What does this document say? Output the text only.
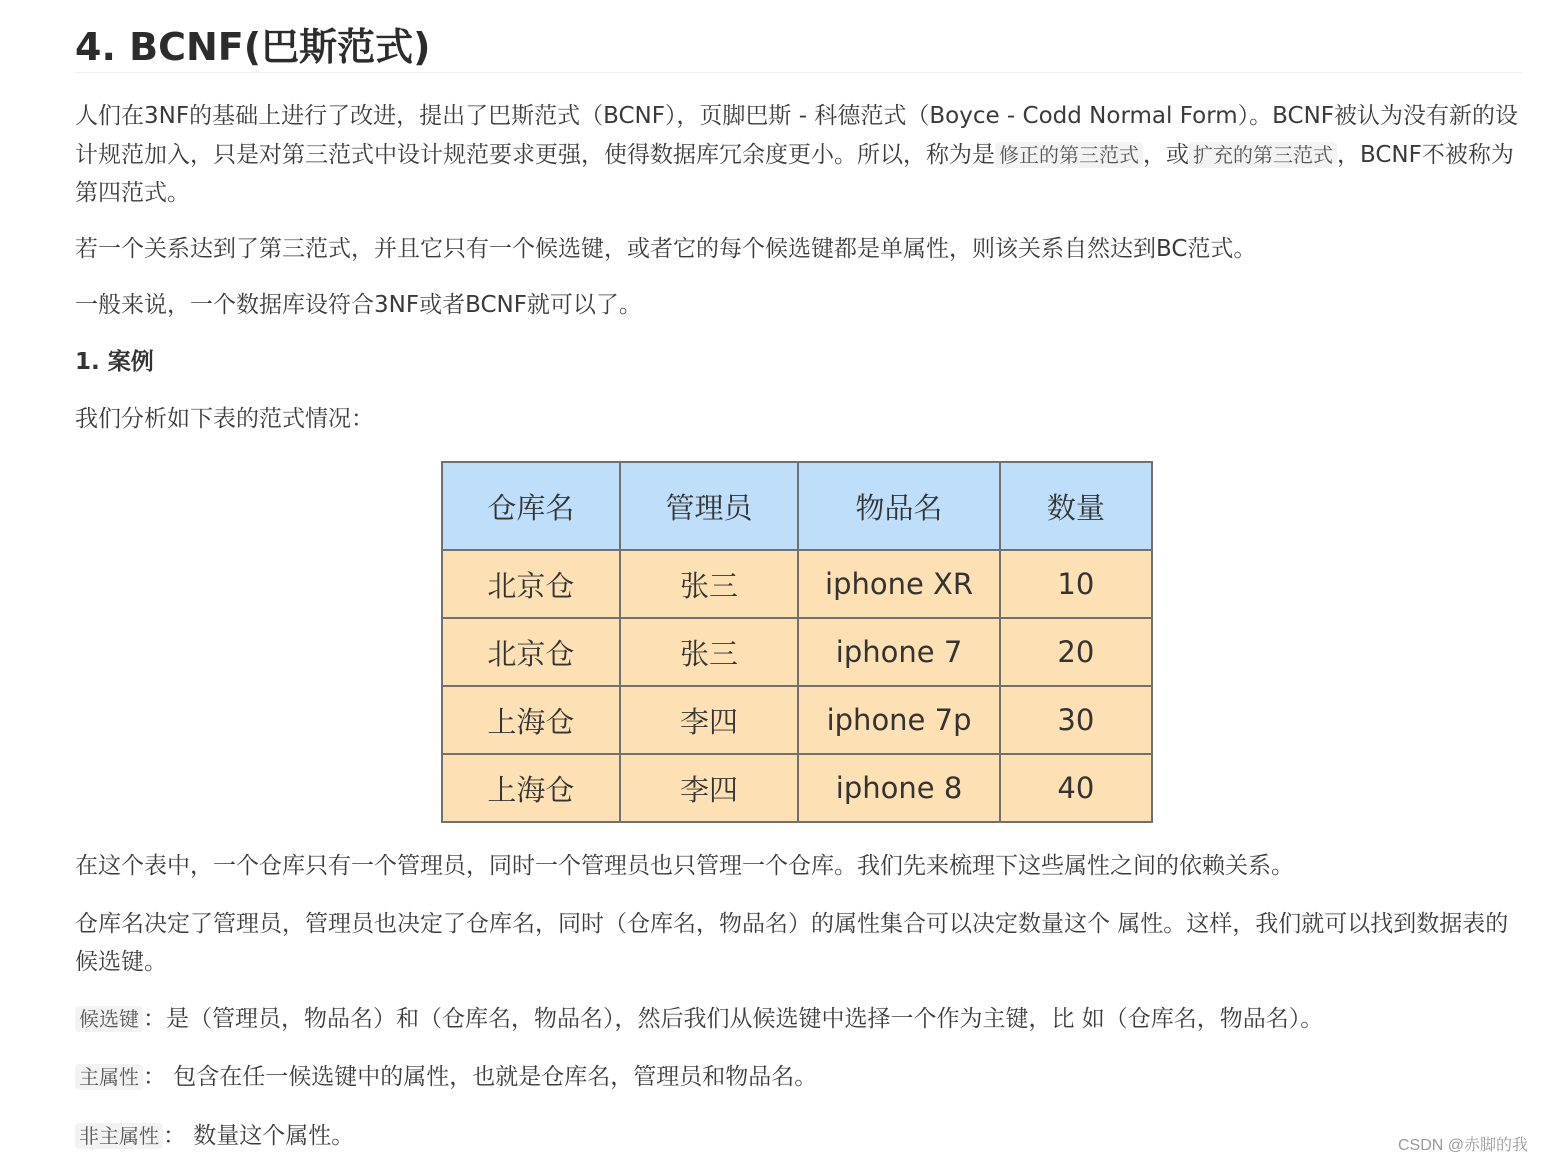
4. BCNF(巴斯范式)

人们在3NF的基础上进行了改进，提出了巴斯范式（BCNF），页脚巴斯 - 科德范式（Boyce - Codd Normal Form）。BCNF被认为没有新的设计规范加入，只是对第三范式中设计规范要求更强，使得数据库冗余度更小。所以，称为是 修正的第三范式 ，或 扩充的第三范式 ，BCNF不被称为第四范式。

若一个关系达到了第三范式，并且它只有一个候选键，或者它的每个候选键都是单属性，则该关系自然达到BC范式。

一般来说，一个数据库设符合3NF或者BCNF就可以了。

1. 案例

我们分析如下表的范式情况：

仓库名	管理员	物品名	数量
北京仓	张三	iphone XR	10
北京仓	张三	iphone 7	20
上海仓	李四	iphone 7p	30
上海仓	李四	iphone 8	40

在这个表中，一个仓库只有一个管理员，同时一个管理员也只管理一个仓库。我们先来梳理下这些属性之间的依赖关系。

仓库名决定了管理员，管理员也决定了仓库名，同时（仓库名，物品名）的属性集合可以决定数量这个 属性。这样，我们就可以找到数据表的候选键。

候选键 ：是（管理员，物品名）和（仓库名，物品名），然后我们从候选键中选择一个作为主键，比 如（仓库名，物品名）。

主属性 ： 包含在任一候选键中的属性，也就是仓库名，管理员和物品名。

非主属性 ： 数量这个属性。	CSDN @赤脚的我
